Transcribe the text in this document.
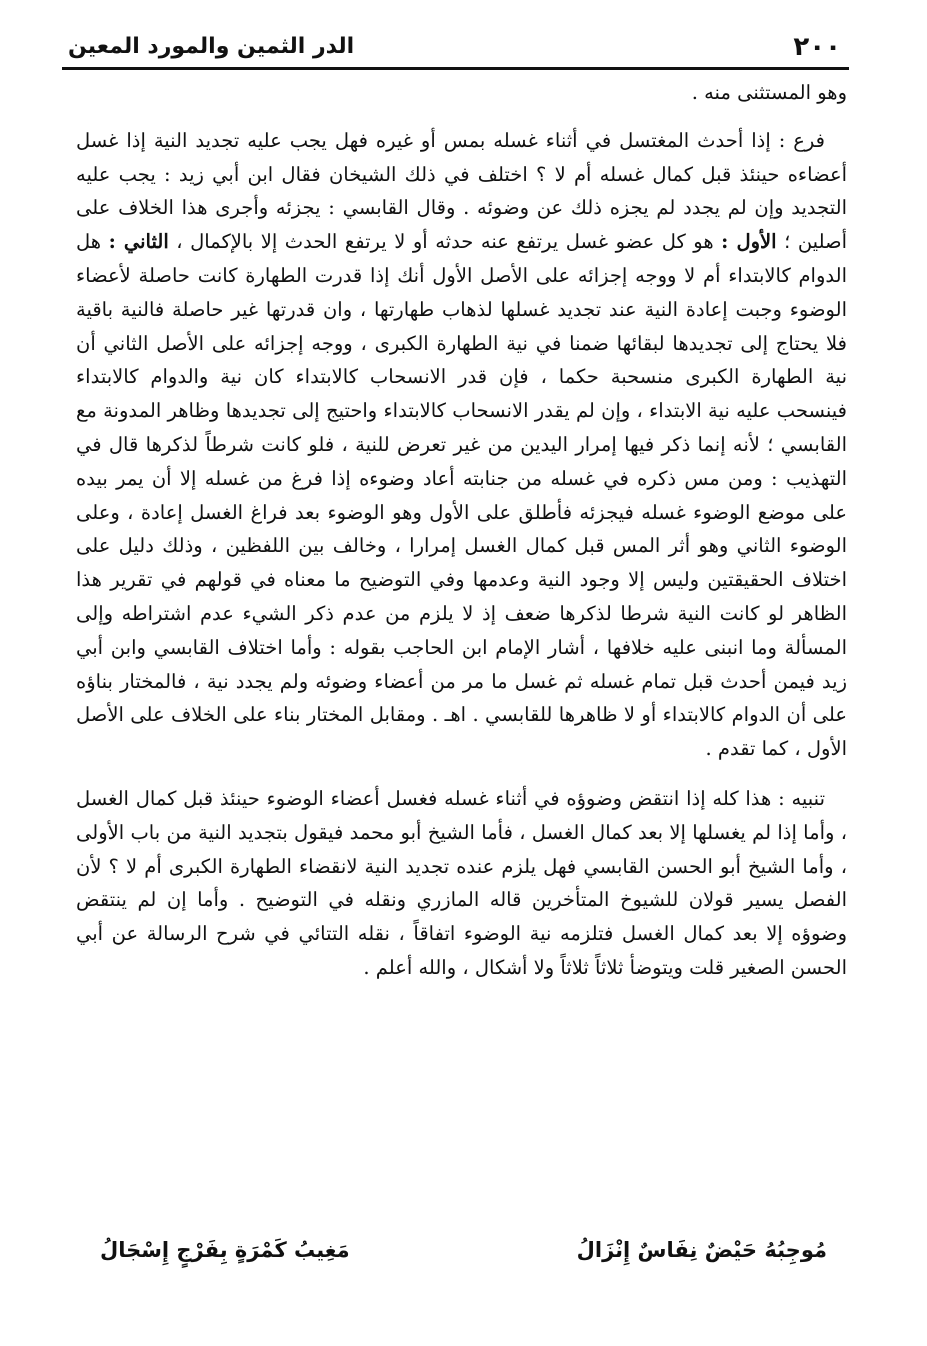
٢٠٠
الدر الثمين والمورد المعين

وهو المستثنى منه .

فرع : إذا أحدث المغتسل في أثناء غسله بمس أو غيره فهل يجب عليه تجديد النية إذا غسل أعضاءه حينئذ قبل كمال غسله أم لا ؟ اختلف في ذلك الشيخان فقال ابن أبي زيد : يجب عليه التجديد وإن لم يجدد لم يجزه ذلك عن وضوئه . وقال القابسي : يجزئه وأجرى هذا الخلاف على أصلين ؛ الأول : هو كل عضو غسل يرتفع عنه حدثه أو لا يرتفع الحدث إلا بالإكمال ، الثاني : هل الدوام كالابتداء أم لا ووجه إجزائه على الأصل الأول أنك إذا قدرت الطهارة كانت حاصلة لأعضاء الوضوء وجبت إعادة النية عند تجديد غسلها لذهاب طهارتها ، وان قدرتها غير حاصلة فالنية باقية فلا يحتاج إلى تجديدها لبقائها ضمنا في نية الطهارة الكبرى ، ووجه إجزائه على الأصل الثاني أن نية الطهارة الكبرى منسحبة حكما ، فإن قدر الانسحاب كالابتداء كان نية والدوام كالابتداء فينسحب عليه نية الابتداء ، وإن لم يقدر الانسحاب كالابتداء واحتيج إلى تجديدها وظاهر المدونة مع القابسي ؛ لأنه إنما ذكر فيها إمرار اليدين من غير تعرض للنية ، فلو كانت شرطاً لذكرها قال في التهذيب : ومن مس ذكره في غسله من جنابته أعاد وضوءه إذا فرغ من غسله إلا أن يمر بيده على موضع الوضوء غسله فيجزئه فأطلق على الأول وهو الوضوء بعد فراغ الغسل إعادة ، وعلى الوضوء الثاني وهو أثر المس قبل كمال الغسل إمرارا ، وخالف بين اللفظين ، وذلك دليل على اختلاف الحقيقتين وليس إلا وجود النية وعدمها وفي التوضيح ما معناه في قولهم في تقرير هذا الظاهر لو كانت النية شرطا لذكرها ضعف إذ لا يلزم من عدم ذكر الشيء عدم اشتراطه وإلى المسألة وما انبنى عليه خلافها ، أشار الإمام ابن الحاجب بقوله : وأما اختلاف القابسي وابن أبي زيد فيمن أحدث قبل تمام غسله ثم غسل ما مر من أعضاء وضوئه ولم يجدد نية ، فالمختار بناؤه على أن الدوام كالابتداء أو لا ظاهرها للقابسي . اهـ . ومقابل المختار بناء على الخلاف على الأصل الأول ، كما تقدم .

تنبيه : هذا كله إذا انتقض وضوؤه في أثناء غسله فغسل أعضاء الوضوء حينئذ قبل كمال الغسل ، وأما إذا لم يغسلها إلا بعد كمال الغسل ، فأما الشيخ أبو محمد فيقول بتجديد النية من باب الأولى ، وأما الشيخ أبو الحسن القابسي فهل يلزم عنده تجديد النية لانقضاء الطهارة الكبرى أم لا ؟ لأن الفصل يسير قولان للشيوخ المتأخرين قاله المازري ونقله في التوضيح . وأما إن لم ينتقض وضوؤه إلا بعد كمال الغسل فتلزمه نية الوضوء اتفاقاً ، نقله التتائي في شرح الرسالة عن أبي الحسن الصغير قلت ويتوضأ ثلاثاً ثلاثاً ولا أشكال ، والله أعلم .

مُوجِبُهُ حَيْضٌ نِفَاسٌ إِنْزَالُ
مَغِيبُ كَمْرَةٍ بِفَرْجٍ إِسْجَالُ
